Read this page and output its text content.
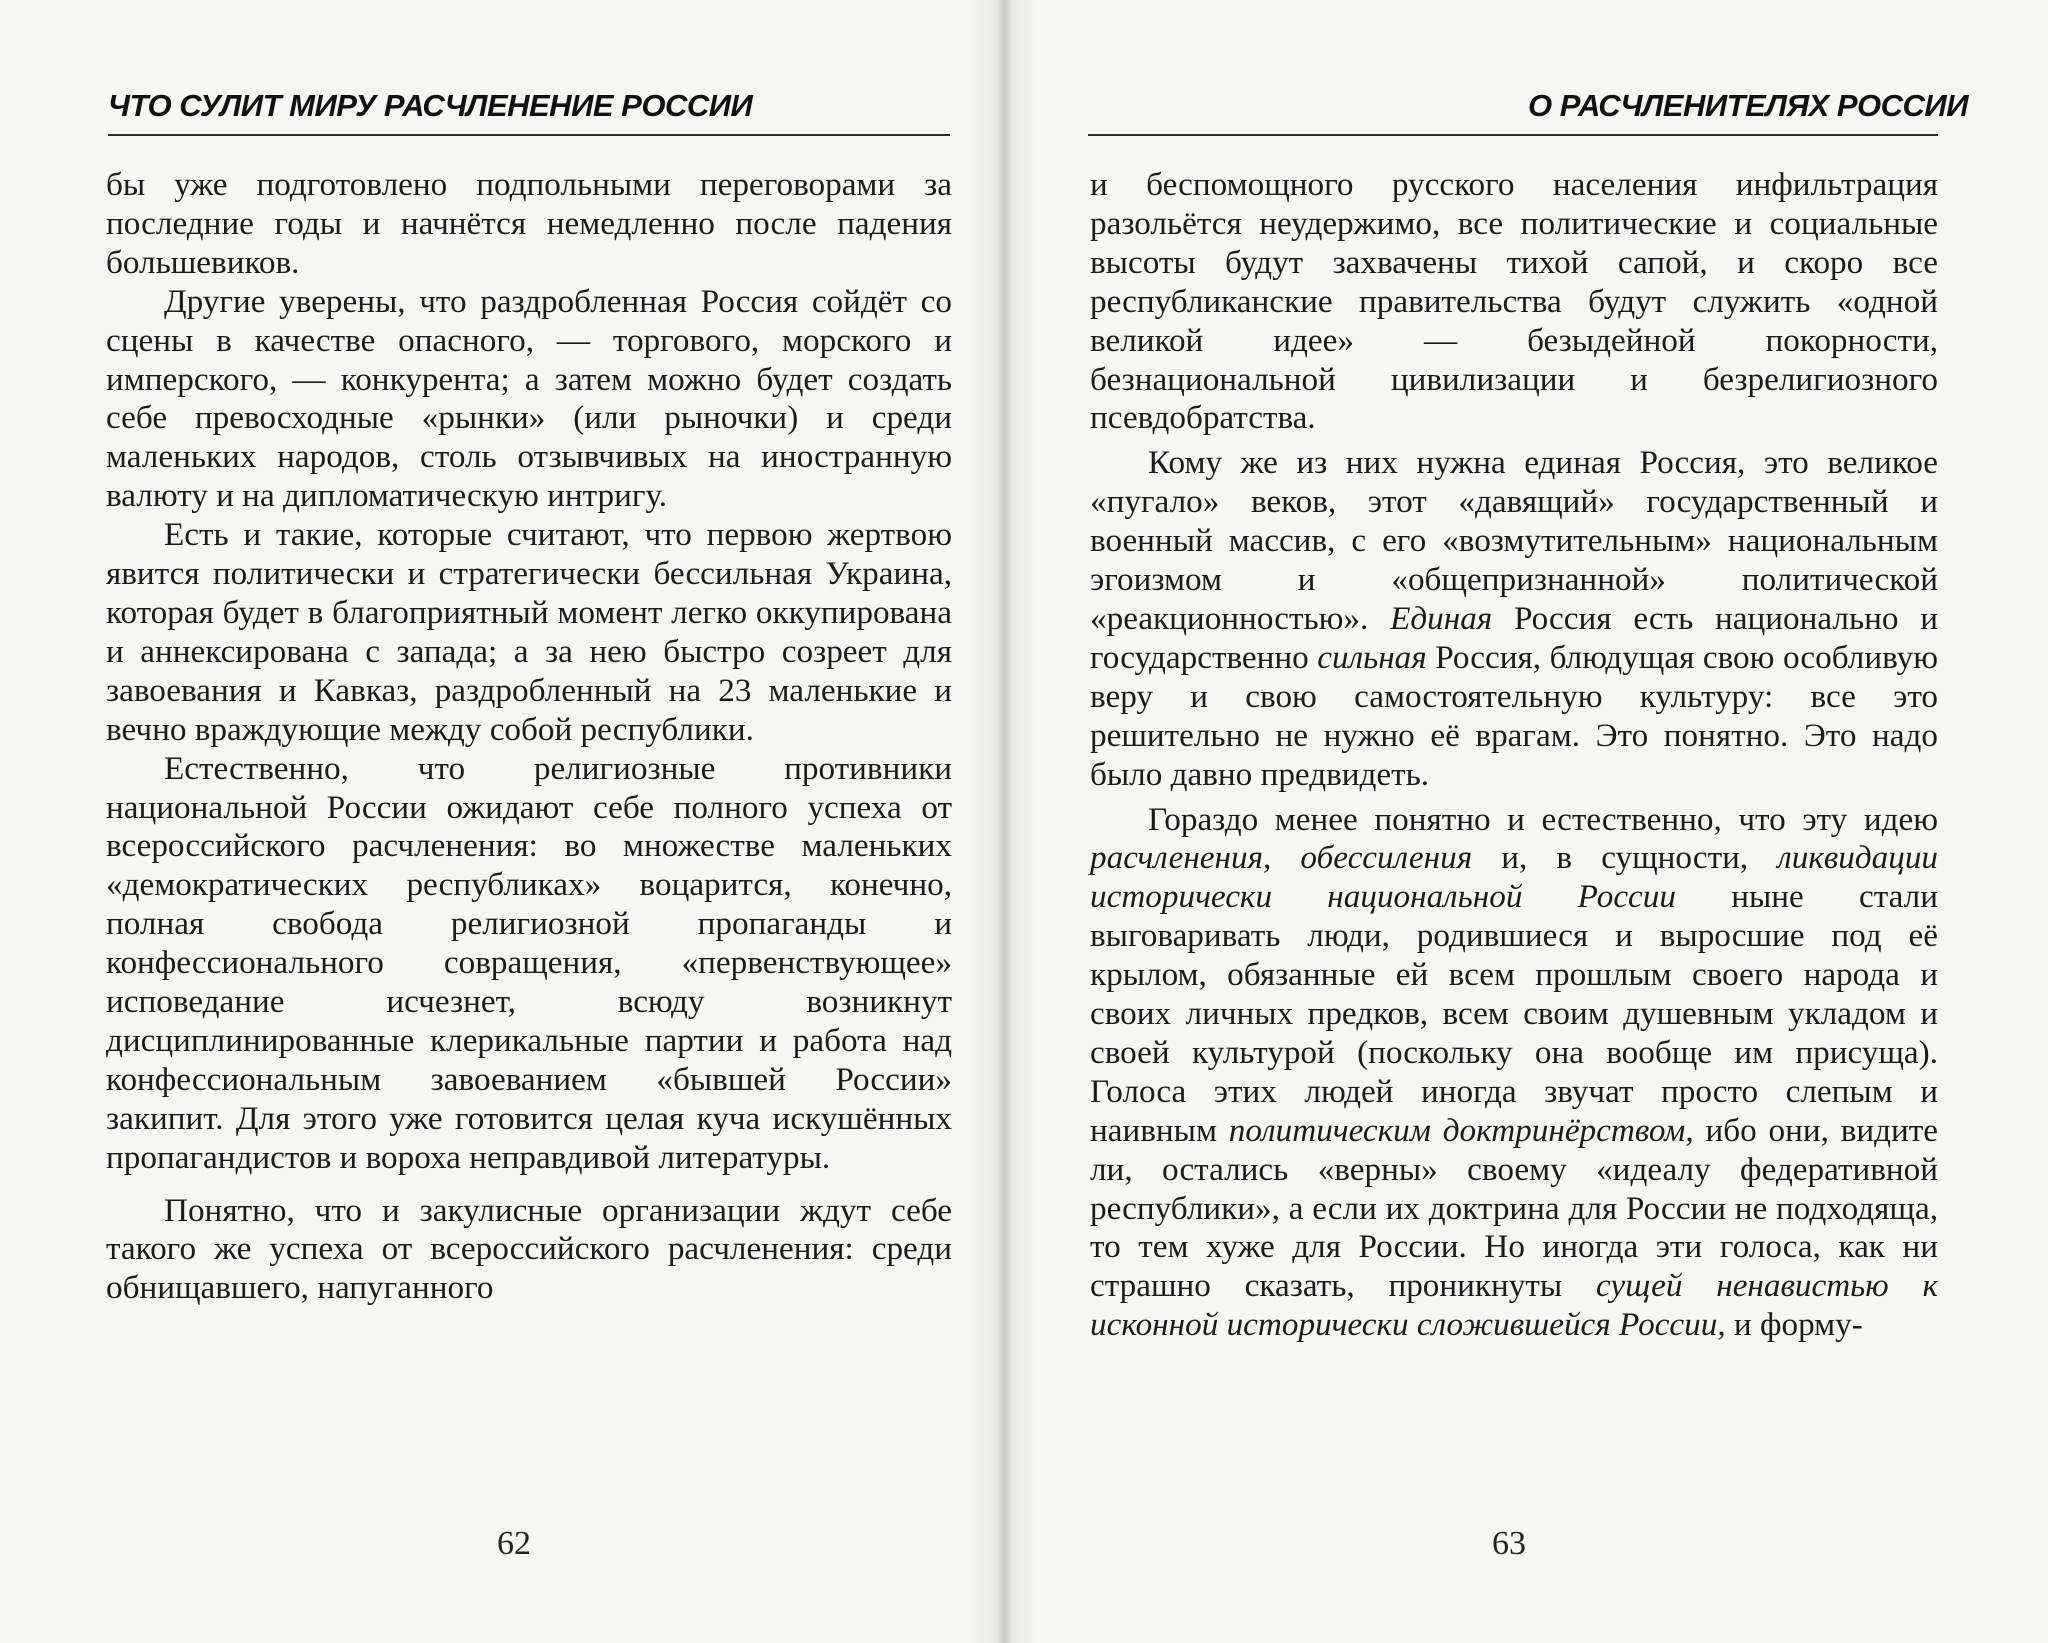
ЧТО СУЛИТ МИРУ РАСЧЛЕНЕНИЕ РОССИИ

бы уже подготовлено подпольными переговорами за последние годы и начнётся немедленно после падения большевиков.

Другие уверены, что раздробленная Россия сойдёт со сцены в качестве опасного, — торгового, морского и имперского, — конкурента; а затем можно будет создать себе превосходные «рынки» (или рыночки) и среди маленьких народов, столь отзывчивых на иностранную валюту и на дипломатическую интригу.

Есть и такие, которые считают, что первою жертвою явится политически и стратегически бессильная Украина, которая будет в благоприятный момент легко оккупирована и аннексирована с запада; а за нею быстро созреет для завоевания и Кавказ, раздробленный на 23 маленькие и вечно враждующие между собой республики.

Естественно, что религиозные противники национальной России ожидают себе полного успеха от всероссийского расчленения: во множестве маленьких «демократических республиках» воцарится, конечно, полная свобода религиозной пропаганды и конфессионального совращения, «первенствующее» исповедание исчезнет, всюду возникнут дисциплинированные клерикальные партии и работа над конфессиональным завоеванием «бывшей России» закипит. Для этого уже готовится целая куча искушённых пропагандистов и вороха неправдивой литературы.

Понятно, что и закулисные организации ждут себе такого же успеха от всероссийского расчленения: среди обнищавшего, напуганного

62
О РАСЧЛЕНИТЕЛЯХ РОССИИ

и беспомощного русского населения инфильтрация разольётся неудержимо, все политические и социальные высоты будут захвачены тихой сапой, и скоро все республиканские правительства будут служить «одной великой идее» — безыдейной покорности, безнациональной цивилизации и безрелигиозного псевдобратства.

Кому же из них нужна единая Россия, это великое «пугало» веков, этот «давящий» государственный и военный массив, с его «возмутительным» национальным эгоизмом и «общепризнанной» политической «реакционностью». Единая Россия есть национально и государственно сильная Россия, блюдущая свою особливую веру и свою самостоятельную культуру: все это решительно не нужно её врагам. Это понятно. Это надо было давно предвидеть.

Гораздо менее понятно и естественно, что эту идею расчленения, обессиления и, в сущности, ликвидации исторически национальной России ныне стали выговаривать люди, родившиеся и выросшие под её крылом, обязанные ей всем прошлым своего народа и своих личных предков, всем своим душевным укладом и своей культурой (поскольку она вообще им присуща). Голоса этих людей иногда звучат просто слепым и наивным политическим доктринёрством, ибо они, видите ли, остались «верны» своему «идеалу федеративной республики», а если их доктрина для России не подходяща, то тем хуже для России. Но иногда эти голоса, как ни страшно сказать, проникнуты сущей ненавистью к исконной исторически сложившейся России, и форму-

63
